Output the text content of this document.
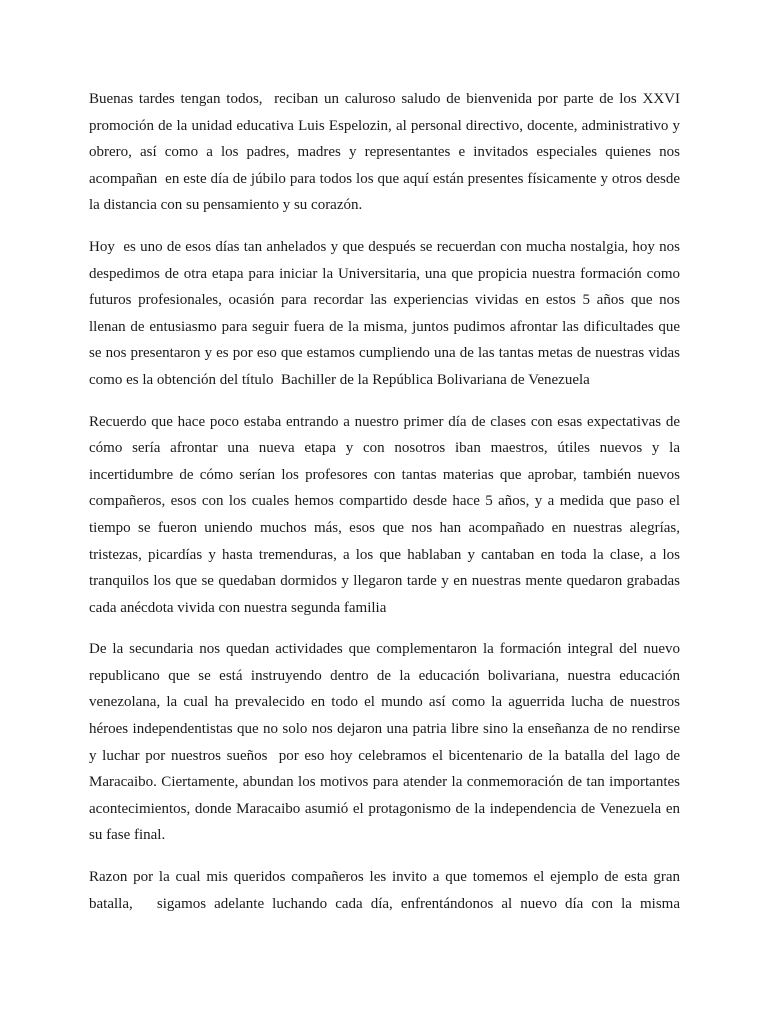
Buenas tardes tengan todos,  reciban un caluroso saludo de bienvenida por parte de los XXVI promoción de la unidad educativa Luis Espelozin, al personal directivo, docente, administrativo y obrero, así como a los padres, madres y representantes e invitados especiales quienes nos acompañan  en este día de júbilo para todos los que aquí están presentes físicamente y otros desde la distancia con su pensamiento y su corazón.

Hoy  es uno de esos días tan anhelados y que después se recuerdan con mucha nostalgia, hoy nos despedimos de otra etapa para iniciar la Universitaria, una que propicia nuestra formación como futuros profesionales, ocasión para recordar las experiencias vividas en estos 5 años que nos llenan de entusiasmo para seguir fuera de la misma, juntos pudimos afrontar las dificultades que se nos presentaron y es por eso que estamos cumpliendo una de las tantas metas de nuestras vidas como es la obtención del título  Bachiller de la República Bolivariana de Venezuela

Recuerdo que hace poco estaba entrando a nuestro primer día de clases con esas expectativas de cómo sería afrontar una nueva etapa y con nosotros iban maestros, útiles nuevos y la incertidumbre de cómo serían los profesores con tantas materias que aprobar, también nuevos compañeros, esos con los cuales hemos compartido desde hace 5 años, y a medida que paso el tiempo se fueron uniendo muchos más, esos que nos han acompañado en nuestras alegrías, tristezas, picardías y hasta tremenduras, a los que hablaban y cantaban en toda la clase, a los tranquilos los que se quedaban dormidos y llegaron tarde y en nuestras mente quedaron grabadas cada anécdota vivida con nuestra segunda familia

De la secundaria nos quedan actividades que complementaron la formación integral del nuevo republicano que se está instruyendo dentro de la educación bolivariana, nuestra educación venezolana, la cual ha prevalecido en todo el mundo así como la aguerrida lucha de nuestros héroes independentistas que no solo nos dejaron una patria libre sino la enseñanza de no rendirse y luchar por nuestros sueños  por eso hoy celebramos el bicentenario de la batalla del lago de Maracaibo. Ciertamente, abundan los motivos para atender la conmemoración de tan importantes acontecimientos, donde Maracaibo asumió el protagonismo de la independencia de Venezuela en su fase final.

Razon por la cual mis queridos compañeros les invito a que tomemos el ejemplo de esta gran batalla,   sigamos adelante luchando cada día, enfrentándonos al nuevo día con la misma
